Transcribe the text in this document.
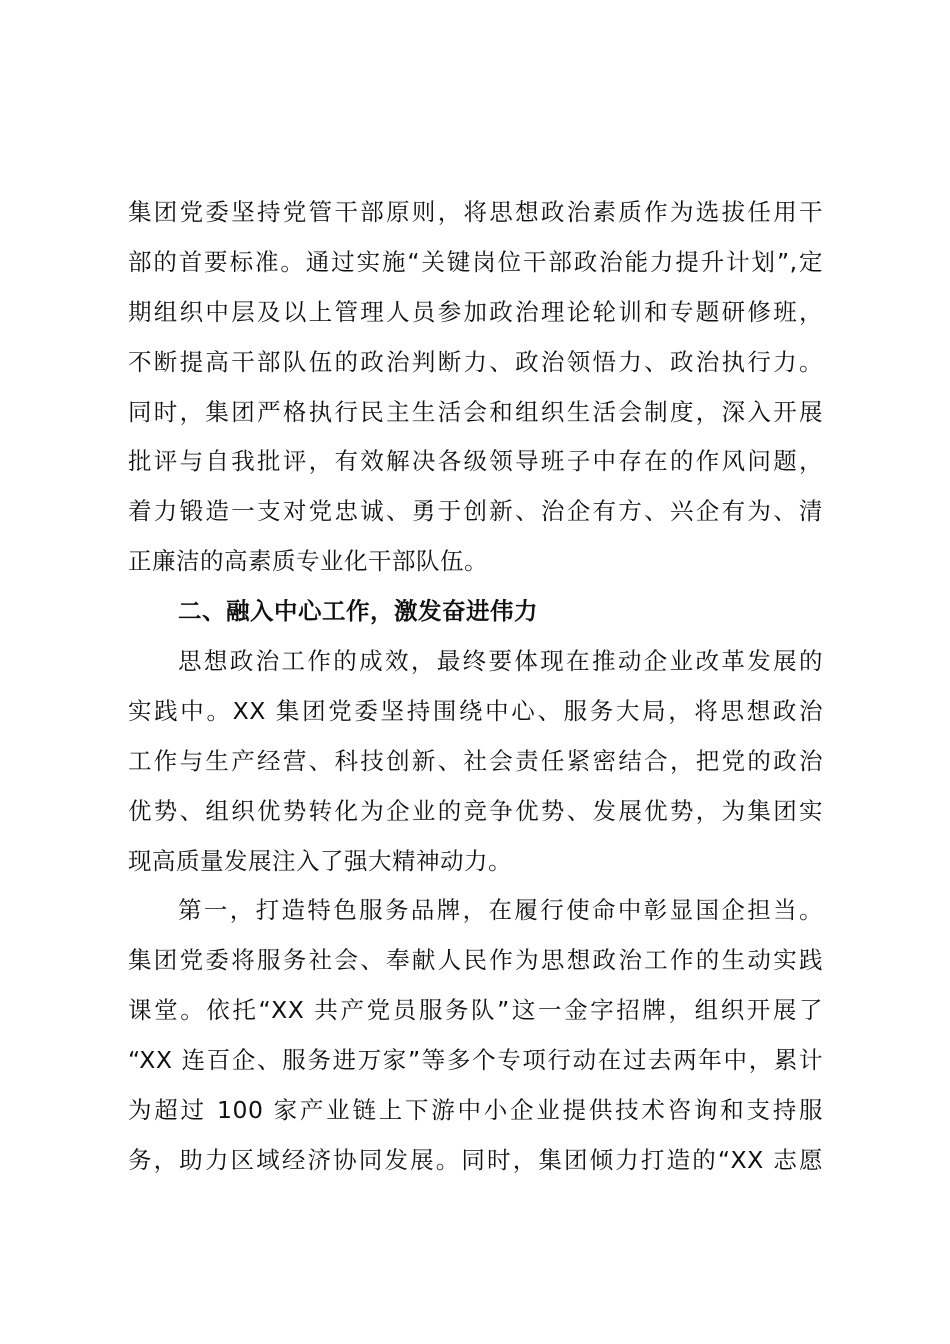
集团党委坚持党管干部原则，将思想政治素质作为选拔任用干
部的首要标准。通过实施“关键岗位干部政治能力提升计划”,定
期组织中层及以上管理人员参加政治理论轮训和专题研修班，
不断提高干部队伍的政治判断力、政治领悟力、政治执行力。
同时，集团严格执行民主生活会和组织生活会制度，深入开展
批评与自我批评，有效解决各级领导班子中存在的作风问题，
着力锻造一支对党忠诚、勇于创新、治企有方、兴企有为、清
正廉洁的高素质专业化干部队伍。
二、融入中心工作，激发奋进伟力
思想政治工作的成效，最终要体现在推动企业改革发展的
实践中。XX 集团党委坚持围绕中心、服务大局，将思想政治
工作与生产经营、科技创新、社会责任紧密结合，把党的政治
优势、组织优势转化为企业的竞争优势、发展优势，为集团实
现高质量发展注入了强大精神动力。
第一，打造特色服务品牌，在履行使命中彰显国企担当。
集团党委将服务社会、奉献人民作为思想政治工作的生动实践
课堂。依托“XX 共产党员服务队”这一金字招牌，组织开展了
“XX 连百企、服务进万家”等多个专项行动在过去两年中，累计
为超过 100 家产业链上下游中小企业提供技术咨询和支持服
务，助力区域经济协同发展。同时，集团倾力打造的“XX 志愿
